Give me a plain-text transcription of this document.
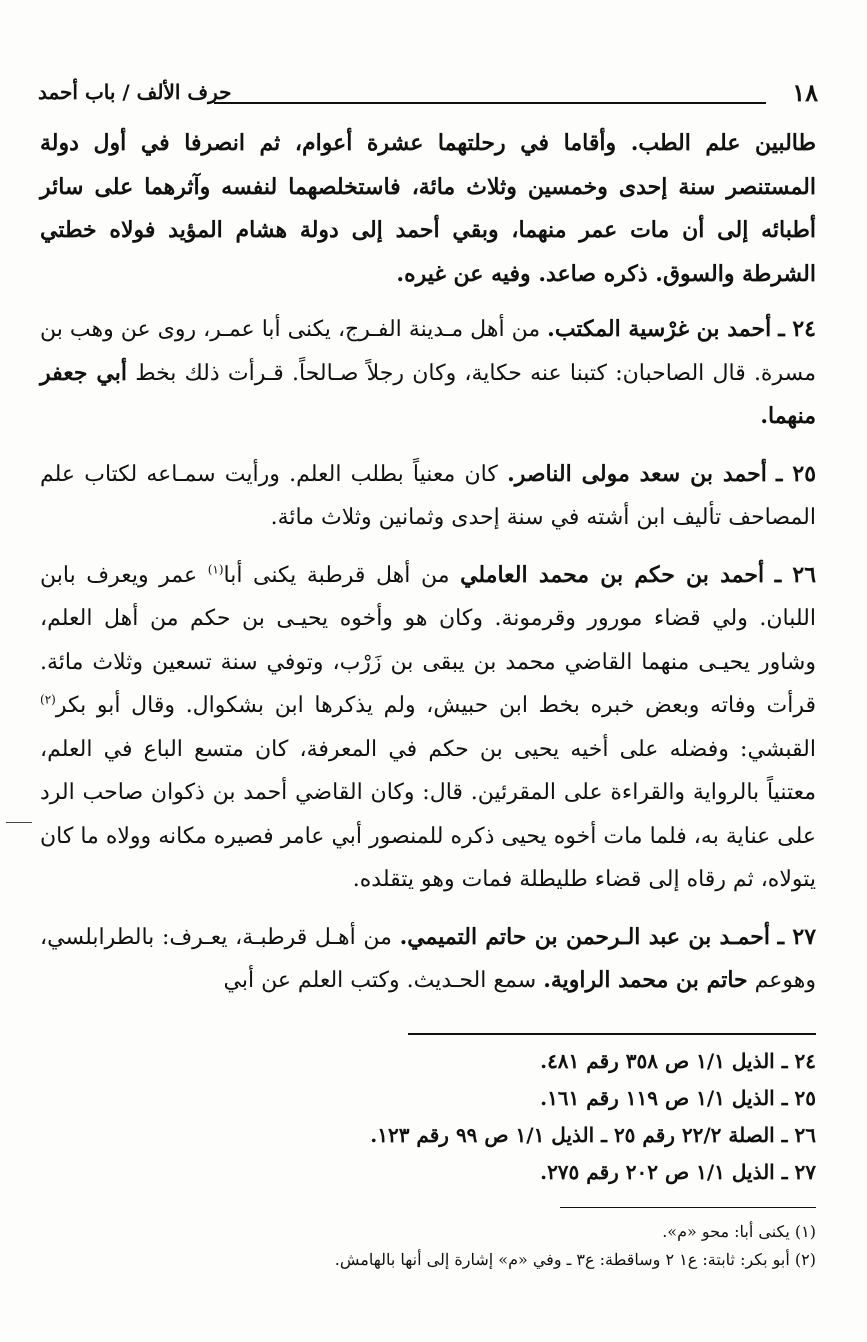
١٨
حرف الألف / باب أحمد

طالبين علم الطب. وأقاما في رحلتهما عشرة أعوام، ثم انصرفا في أول دولة المستنصر سنة إحدى وخمسين وثلاث مائة، فاستخلصهما لنفسه وآثرهما على سائر أطبائه إلى أن مات عمر منهما، وبقي أحمد إلى دولة هشام المؤيد فولاه خطتي الشرطة والسوق. ذكره صاعد. وفيه عن غيره.

٢٤ ـ أحمد بن غرْسية المكتب. من أهل مـدينة الفـرج، يكنى أبا عمـر، روى عن وهب بن مسرة. قال الصاحبان: كتبنا عنه حكاية، وكان رجلاً صـالحاً. قـرأت ذلك بخط أبي جعفر منهما.

٢٥ ـ أحمد بن سعد مولى الناصر. كان معنياً بطلب العلم. ورأيت سمـاعه لكتاب علم المصاحف تأليف ابن أشته في سنة إحدى وثمانين وثلاث مائة.

٢٦ ـ أحمد بن حكم بن محمد العاملي من أهل قرطبة يكنى أبا$^{(١)}$ عمر ويعرف بابن اللبان. ولي قضاء مورور وقرمونة. وكان هو وأخوه يحيـى بن حكم من أهل العلم، وشاور يحيـى منهما القاضي محمد بن يبقى بن زَرْب، وتوفي سنة تسعين وثلاث مائة. قرأت وفاته وبعض خبره بخط ابن حبيش، ولم يذكرها ابن بشكوال. وقال أبو بكر$^{(٢)}$ القبشي: وفضله على أخيه يحيى بن حكم في المعرفة، كان متسع الباع في العلم، معتنياً بالرواية والقراءة على المقرئين. قال: وكان القاضي أحمد بن ذكوان صاحب الرد على عناية به، فلما مات أخوه يحيى ذكره للمنصور أبي عامر فصيره مكانه وولاه ما كان يتولاه، ثم رقاه إلى قضاء طليطلة فمات وهو يتقلده.

٢٧ ـ أحمـد بن عبد الـرحمن بن حاتم التميمي. من أهـل قرطبـة، يعـرف: بالطرابلسي، وهوعم حاتم بن محمد الراوية. سمع الحـديث. وكتب العلم عن أبي

٢٤ ـ الذيل ١/١ ص ٣٥٨ رقم ٤٨١.
٢٥ ـ الذيل ١/١ ص ١١٩ رقم ١٦١.
٢٦ ـ الصلة ٢٢/٢ رقم ٢٥ ـ الذيل ١/١ ص ٩٩ رقم ١٢٣.
٢٧ ـ الذيل ١/١ ص ٢٠٢ رقم ٢٧٥.
(١) يكنى أبا: محو «م».
(٢) أبو بكر: ثابتة: ع١ ٢ وساقطة: ع٣ ـ وفي «م» إشارة إلى أنها بالهامش.
